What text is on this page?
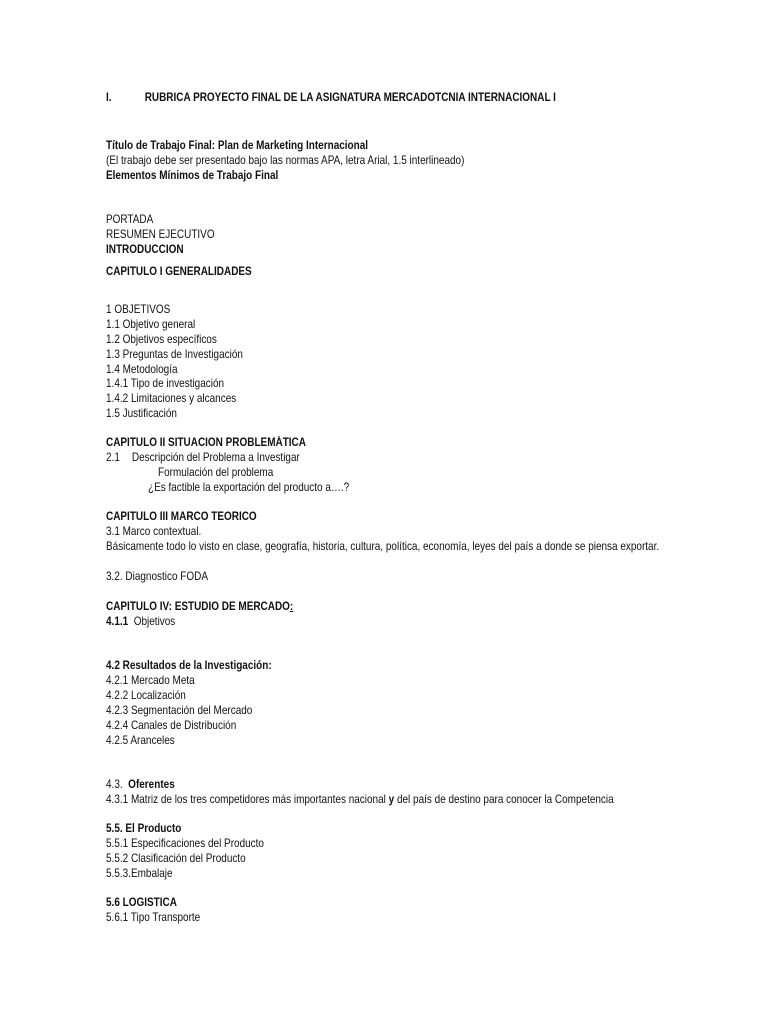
I.	RUBRICA PROYECTO FINAL DE LA ASIGNATURA MERCADOTCNIA INTERNACIONAL I
Título de Trabajo Final: Plan de Marketing Internacional
(El trabajo debe ser presentado bajo las normas APA, letra Arial, 1.5 interlineado)
Elementos Mínimos de Trabajo Final
PORTADA
RESUMEN EJECUTIVO
INTRODUCCION
CAPITULO I GENERALIDADES
1 OBJETIVOS
1.1 Objetivo general
1.2 Objetivos específicos
1.3 Preguntas de Investigación
1.4 Metodología
1.4.1 Tipo de investigación
1.4.2 Limitaciones y alcances
1.5 Justificación
CAPITULO II SITUACION PROBLEMÁTICA
2.1 Descripción del Problema a Investigar
Formulación del problema
¿Es factible la exportación del producto a….?
CAPITULO III MARCO TEORICO
3.1 Marco contextual.
Básicamente todo lo visto en clase, geografía, historia, cultura, política, economía, leyes del país a donde se piensa exportar.
3.2. Diagnostico FODA
CAPITULO IV: ESTUDIO DE MERCADO:
4.1.1 Objetivos
4.2 Resultados de la Investigación:
4.2.1 Mercado Meta
4.2.2 Localización
4.2.3 Segmentación del Mercado
4.2.4 Canales de Distribución
4.2.5 Aranceles
4.3. Oferentes
4.3.1 Matriz de los tres competidores más importantes nacional y del país de destino para conocer la Competencia
5.5. El Producto
5.5.1 Especificaciones del Producto
5.5.2 Clasificación del Producto
5.5.3.Embalaje
5.6 LOGISTICA
5.6.1 Tipo Transporte
